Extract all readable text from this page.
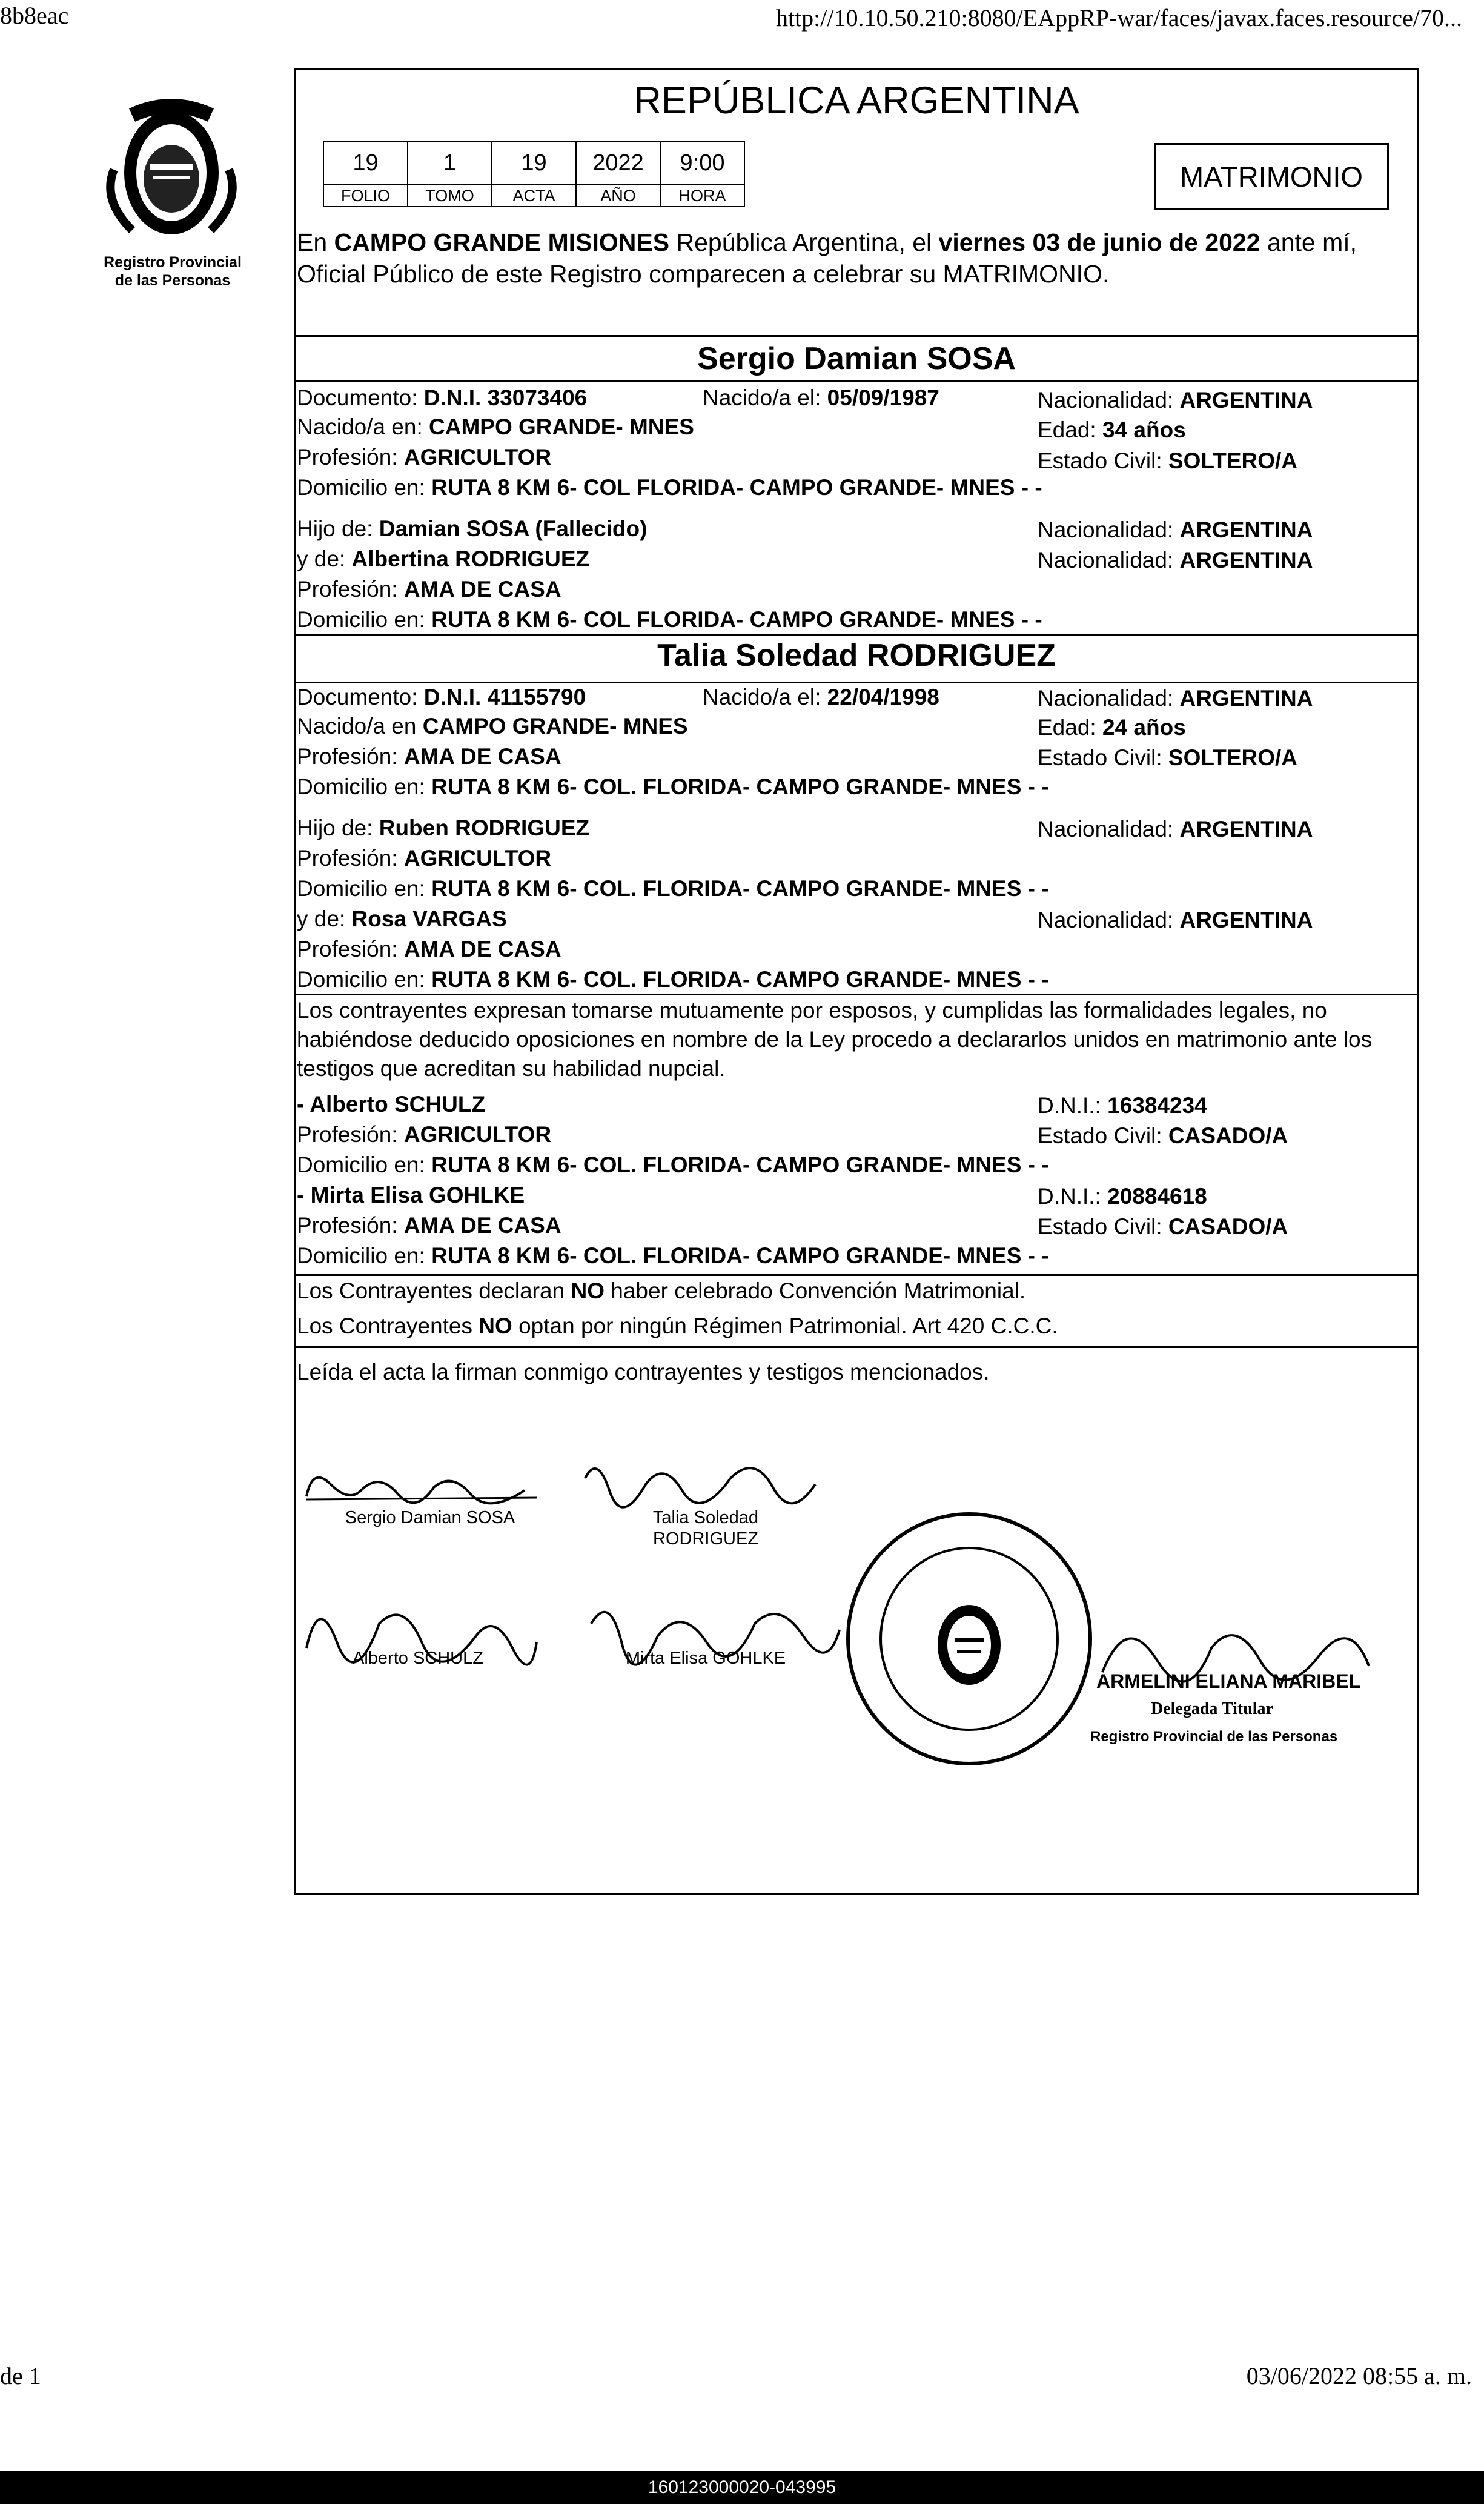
8b8eac	http://10.10.50.210:8080/EAppRP-war/faces/javax.faces.resource/70...
Registro Provincial
de las Personas
REPÚBLICA ARGENTINA
19	1	19	2022	9:00
FOLIO	TOMO	ACTA	AÑO	HORA
MATRIMONIO
En CAMPO GRANDE MISIONES República Argentina, el viernes 03 de junio de 2022 ante mí, Oficial Público de este Registro comparecen a celebrar su MATRIMONIO.
Sergio Damian SOSA
Documento: D.N.I. 33073406	Nacido/a el: 05/09/1987	Nacionalidad: ARGENTINA
Nacido/a en: CAMPO GRANDE- MNES	Edad: 34 años
Profesión: AGRICULTOR	Estado Civil: SOLTERO/A
Domicilio en: RUTA 8 KM 6- COL FLORIDA- CAMPO GRANDE- MNES - -
Hijo de: Damian SOSA (Fallecido)	Nacionalidad: ARGENTINA
y de: Albertina RODRIGUEZ	Nacionalidad: ARGENTINA
Profesión: AMA DE CASA
Domicilio en: RUTA 8 KM 6- COL FLORIDA- CAMPO GRANDE- MNES - -
Talia Soledad RODRIGUEZ
Documento: D.N.I. 41155790	Nacido/a el: 22/04/1998	Nacionalidad: ARGENTINA
Nacido/a en CAMPO GRANDE- MNES	Edad: 24 años
Profesión: AMA DE CASA	Estado Civil: SOLTERO/A
Domicilio en: RUTA 8 KM 6- COL. FLORIDA- CAMPO GRANDE- MNES - -
Hijo de: Ruben RODRIGUEZ	Nacionalidad: ARGENTINA
Profesión: AGRICULTOR
Domicilio en: RUTA 8 KM 6- COL. FLORIDA- CAMPO GRANDE- MNES - -
y de: Rosa VARGAS	Nacionalidad: ARGENTINA
Profesión: AMA DE CASA
Domicilio en: RUTA 8 KM 6- COL. FLORIDA- CAMPO GRANDE- MNES - -
Los contrayentes expresan tomarse mutuamente por esposos, y cumplidas las formalidades legales, no habiéndose deducido oposiciones en nombre de la Ley procedo a declararlos unidos en matrimonio ante los testigos que acreditan su habilidad nupcial.
- Alberto SCHULZ	D.N.I.: 16384234
Profesión: AGRICULTOR	Estado Civil: CASADO/A
Domicilio en: RUTA 8 KM 6- COL. FLORIDA- CAMPO GRANDE- MNES - -
- Mirta Elisa GOHLKE	D.N.I.: 20884618
Profesión: AMA DE CASA	Estado Civil: CASADO/A
Domicilio en: RUTA 8 KM 6- COL. FLORIDA- CAMPO GRANDE- MNES - -
Los Contrayentes declaran NO haber celebrado Convención Matrimonial.
Los Contrayentes NO optan por ningún Régimen Patrimonial. Art 420 C.C.C.
Leída el acta la firman conmigo contrayentes y testigos mencionados.
Sergio Damian SOSA	Talia Soledad
RODRIGUEZ
Alberto SCHULZ	Mirta Elisa GOHLKE
ARMELINI ELIANA MARIBEL
Delegada Titular
Registro Provincial de las Personas
de 1	03/06/2022 08:55 a. m.
160123000020-043995
